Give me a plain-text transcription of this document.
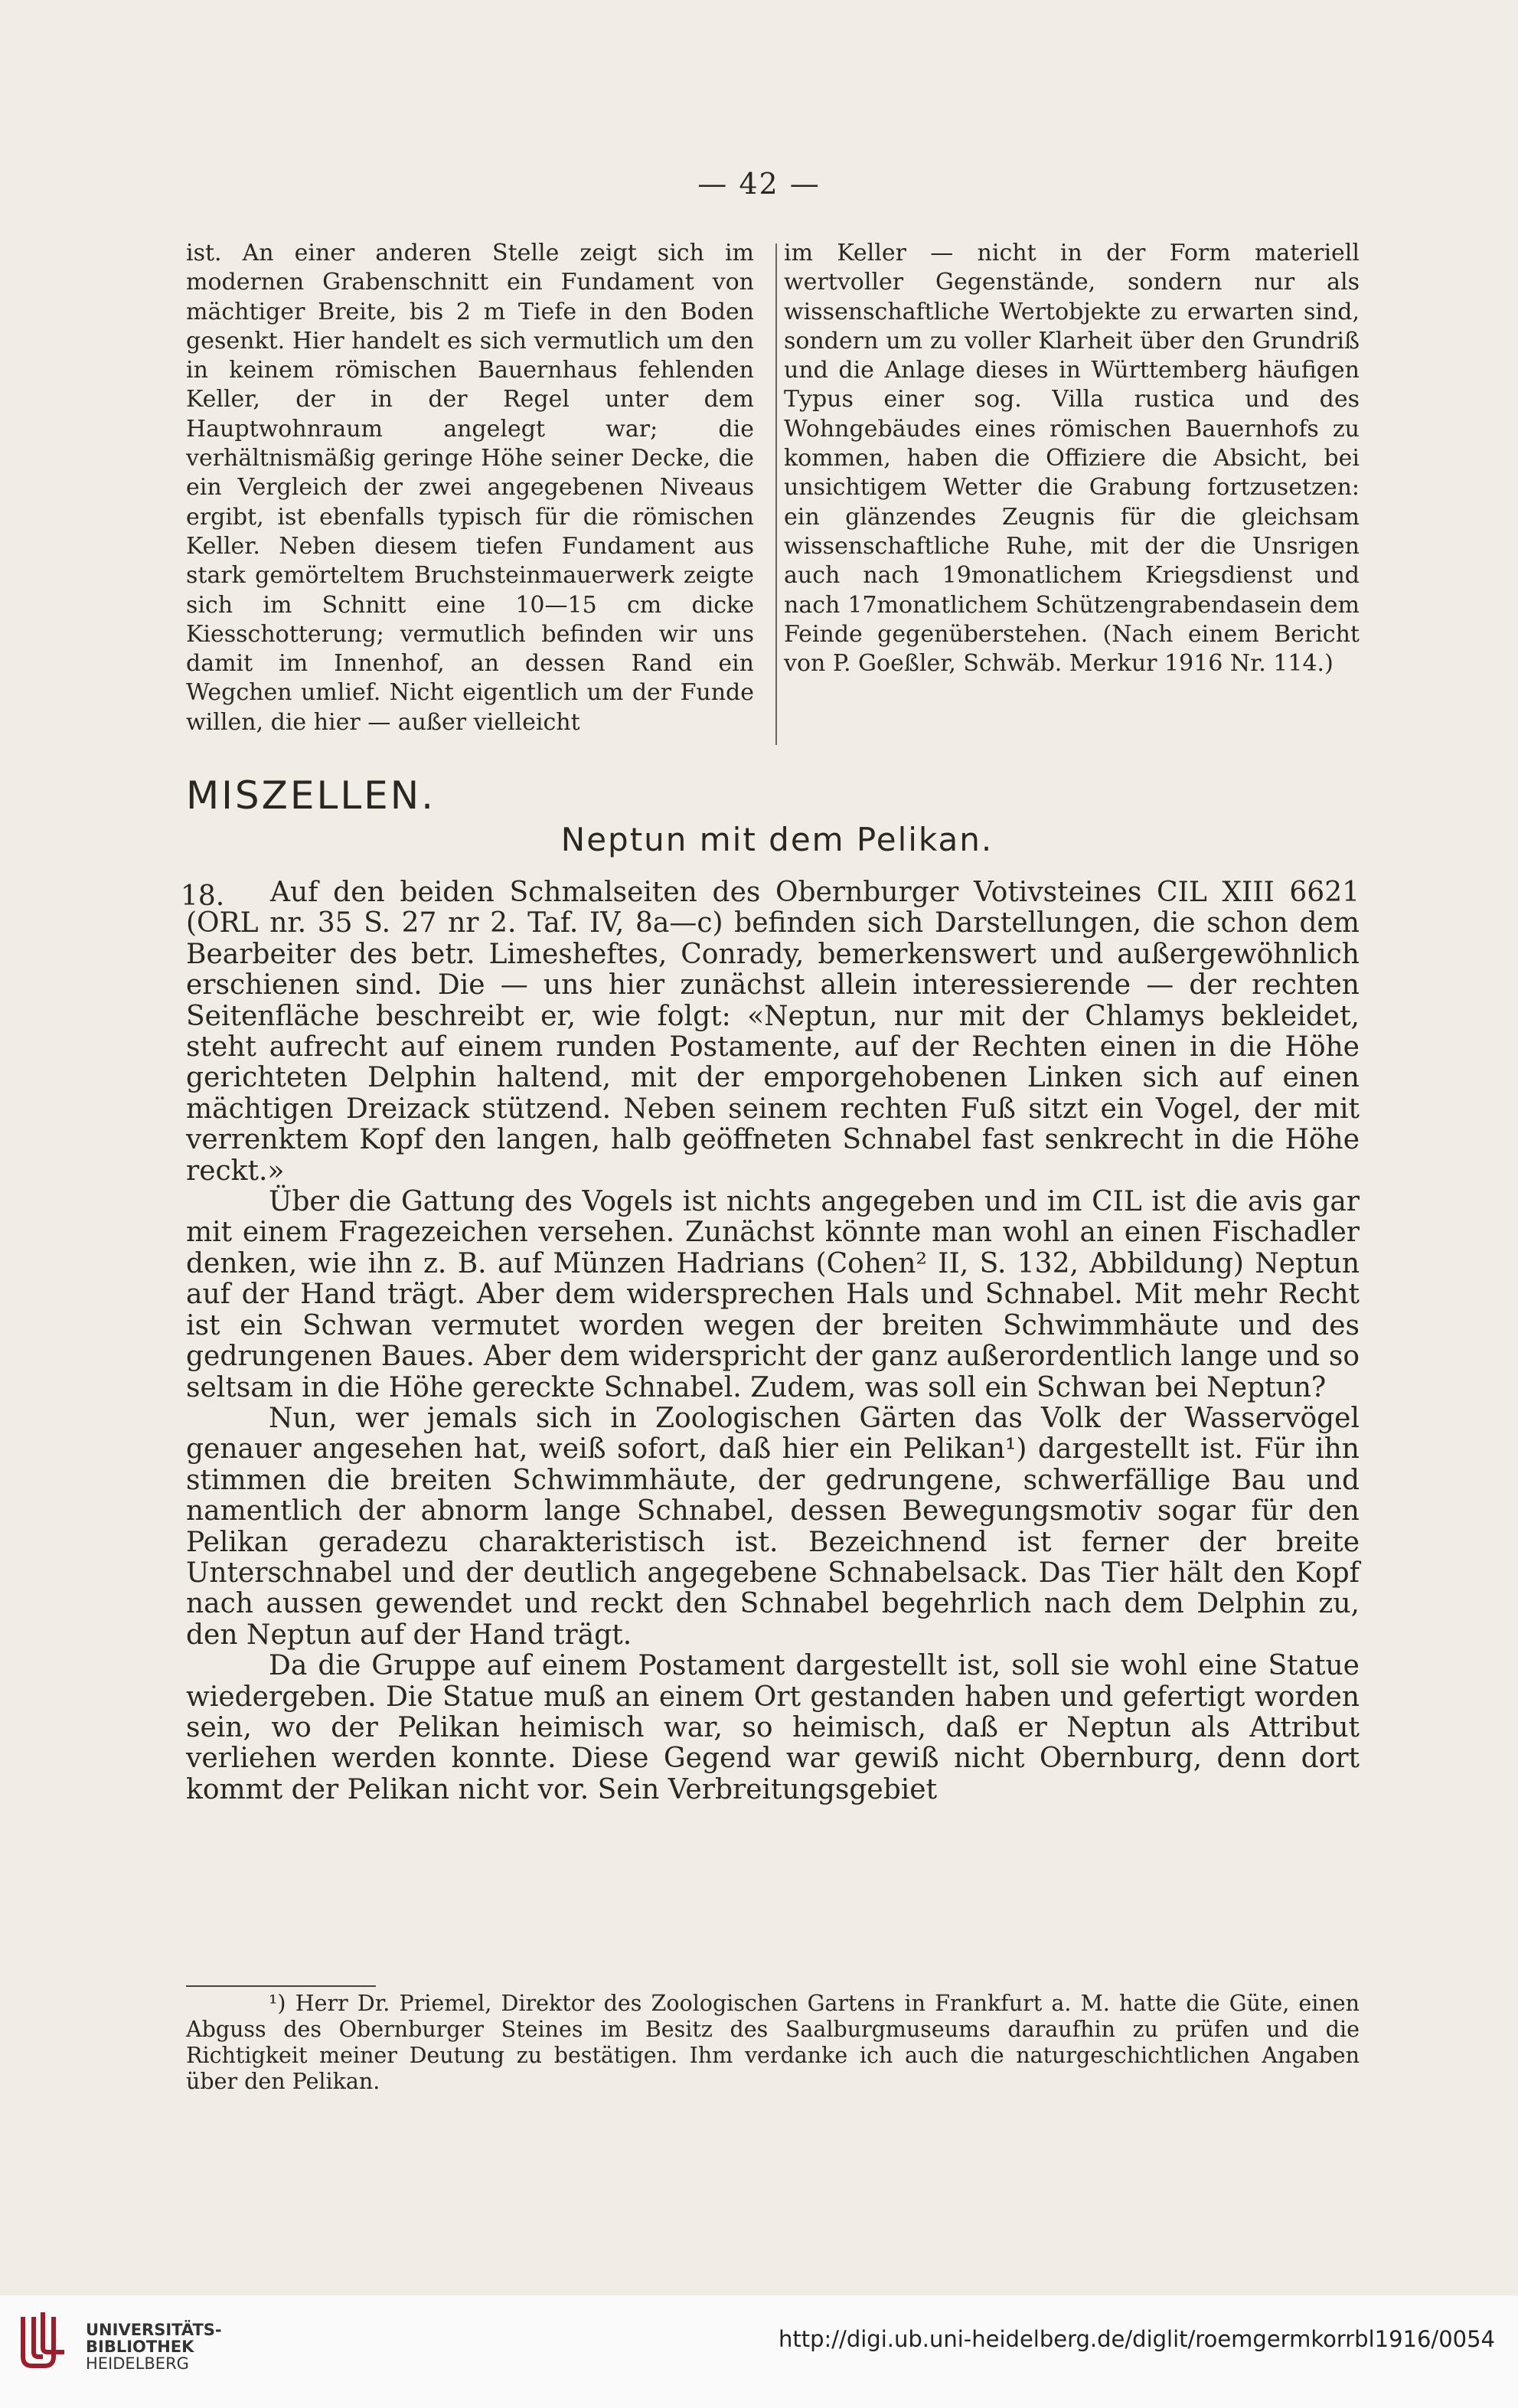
— 42 —

ist. An einer anderen Stelle zeigt sich im modernen Grabenschnitt ein Fundament von mächtiger Breite, bis 2 m Tiefe in den Boden gesenkt. Hier handelt es sich vermutlich um den in keinem römischen Bauernhaus fehlenden Keller, der in der Regel unter dem Hauptwohnraum angelegt war; die verhältnismäßig geringe Höhe seiner Decke, die ein Vergleich der zwei angegebenen Niveaus ergibt, ist ebenfalls typisch für die römischen Keller. Neben diesem tiefen Fundament aus stark gemörteltem Bruchsteinmauerwerk zeigte sich im Schnitt eine 10—15 cm dicke Kiesschotterung; vermutlich befinden wir uns damit im Innenhof, an dessen Rand ein Wegchen umlief. Nicht eigentlich um der Funde willen, die hier — außer vielleicht

im Keller — nicht in der Form materiell wertvoller Gegenstände, sondern nur als wissenschaftliche Wertobjekte zu erwarten sind, sondern um zu voller Klarheit über den Grundriß und die Anlage dieses in Württemberg häufigen Typus einer sog. Villa rustica und des Wohngebäudes eines römischen Bauernhofs zu kommen, haben die Offiziere die Absicht, bei unsichtigem Wetter die Grabung fortzusetzen: ein glänzendes Zeugnis für die gleichsam wissenschaftliche Ruhe, mit der die Unsrigen auch nach 19monatlichem Kriegsdienst und nach 17monatlichem Schützengrabendasein dem Feinde gegenüberstehen. (Nach einem Bericht von P. Goeßler, Schwäb. Merkur 1916 Nr. 114.)

MISZELLEN.
Neptun mit dem Pelikan.
18.	Auf den beiden Schmalseiten des Obernburger Votivsteines CIL XIII 6621 (ORL nr. 35 S. 27 nr 2. Taf. IV, 8a—c) befinden sich Darstellungen, die schon dem Bearbeiter des betr. Limesheftes, Conrady, bemerkenswert und außergewöhnlich erschienen sind. Die — uns hier zunächst allein interessierende — der rechten Seitenfläche beschreibt er, wie folgt: «Neptun, nur mit der Chlamys bekleidet, steht aufrecht auf einem runden Postamente, auf der Rechten einen in die Höhe gerichteten Delphin haltend, mit der emporgehobenen Linken sich auf einen mächtigen Dreizack stützend. Neben seinem rechten Fuß sitzt ein Vogel, der mit verrenktem Kopf den langen, halb geöffneten Schnabel fast senkrecht in die Höhe reckt.»

Über die Gattung des Vogels ist nichts angegeben und im CIL ist die avis gar mit einem Fragezeichen versehen. Zunächst könnte man wohl an einen Fischadler denken, wie ihn z. B. auf Münzen Hadrians (Cohen² II, S. 132, Abbildung) Neptun auf der Hand trägt. Aber dem widersprechen Hals und Schnabel. Mit mehr Recht ist ein Schwan vermutet worden wegen der breiten Schwimmhäute und des gedrungenen Baues. Aber dem widerspricht der ganz außerordentlich lange und so seltsam in die Höhe gereckte Schnabel. Zudem, was soll ein Schwan bei Neptun?

Nun, wer jemals sich in Zoologischen Gärten das Volk der Wasservögel genauer angesehen hat, weiß sofort, daß hier ein Pelikan¹) dargestellt ist. Für ihn stimmen die breiten Schwimmhäute, der gedrungene, schwerfällige Bau und namentlich der abnorm lange Schnabel, dessen Bewegungsmotiv sogar für den Pelikan geradezu charakteristisch ist. Bezeichnend ist ferner der breite Unterschnabel und der deutlich angegebene Schnabelsack. Das Tier hält den Kopf nach aussen gewendet und reckt den Schnabel begehrlich nach dem Delphin zu, den Neptun auf der Hand trägt.

Da die Gruppe auf einem Postament dargestellt ist, soll sie wohl eine Statue wiedergeben. Die Statue muß an einem Ort gestanden haben und gefertigt worden sein, wo der Pelikan heimisch war, so heimisch, daß er Neptun als Attribut verliehen werden konnte. Diese Gegend war gewiß nicht Obernburg, denn dort kommt der Pelikan nicht vor. Sein Verbreitungsgebiet

¹) Herr Dr. Priemel, Direktor des Zoologischen Gartens in Frankfurt a. M. hatte die Güte, einen Abguss des Obernburger Steines im Besitz des Saalburgmuseums daraufhin zu prüfen und die Richtigkeit meiner Deutung zu bestätigen. Ihm verdanke ich auch die naturgeschichtlichen Angaben über den Pelikan.

UNIVERSITÄTS-
BIBLIOTHEK
HEIDELBERG
http://digi.ub.uni-heidelberg.de/diglit/roemgermkorrbl1916/0054
